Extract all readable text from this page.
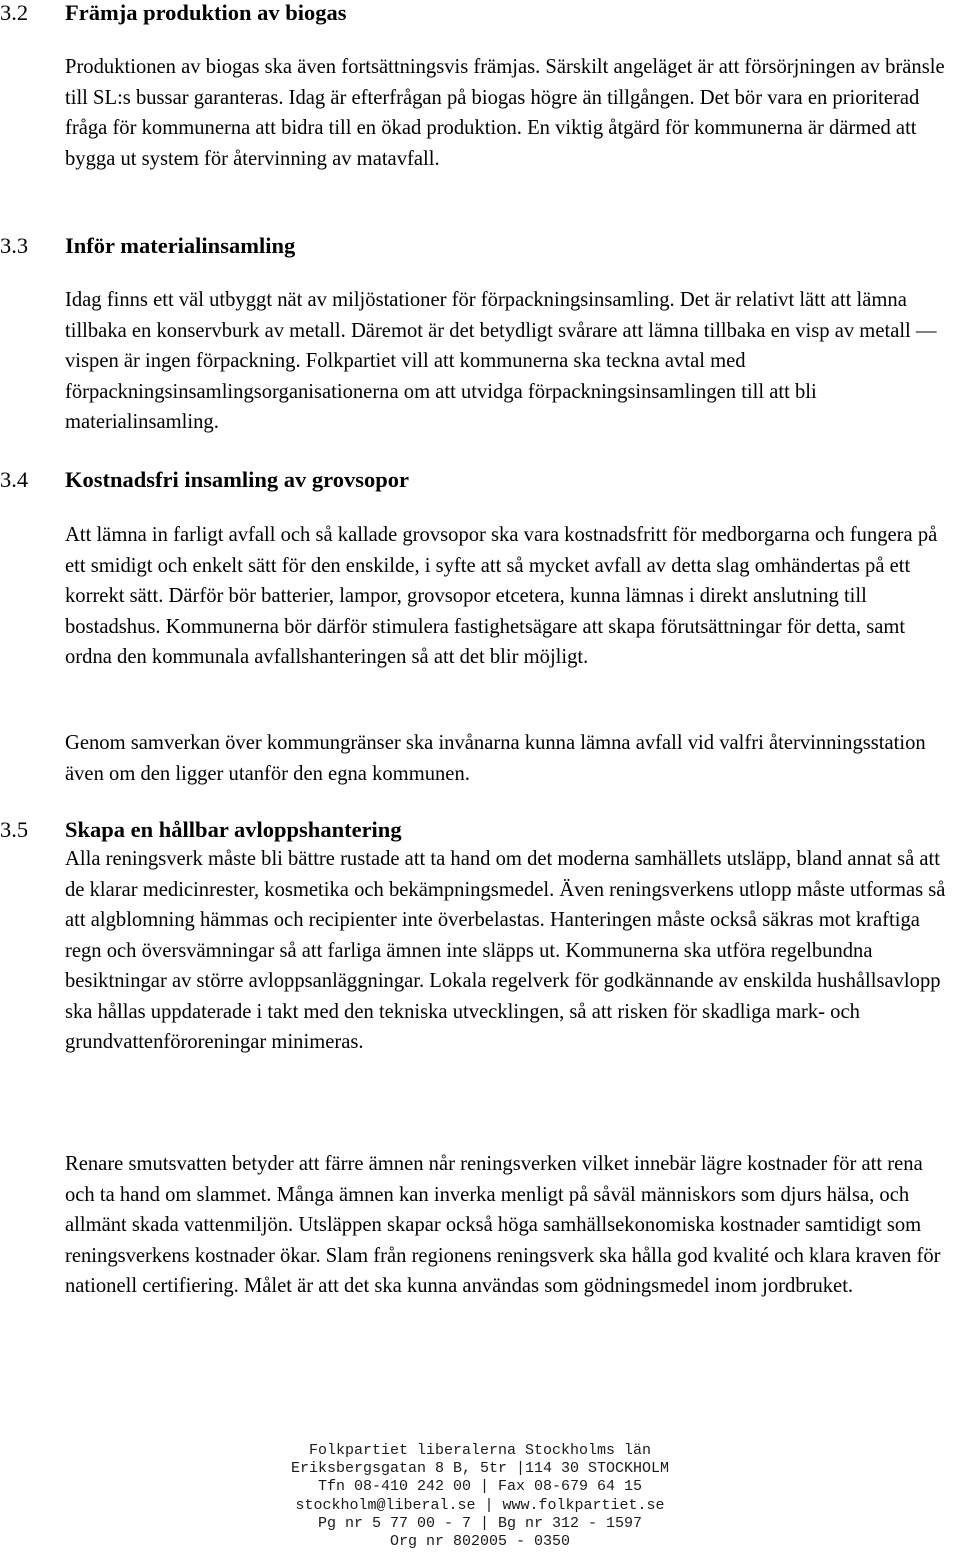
3.2 Främja produktion av biogas

Produktionen av biogas ska även fortsättningsvis främjas. Särskilt angeläget är att försörjningen av bränsle till SL:s bussar garanteras. Idag är efterfrågan på biogas högre än tillgången. Det bör vara en prioriterad fråga för kommunerna att bidra till en ökad produktion. En viktig åtgärd för kommunerna är därmed att bygga ut system för återvinning av matavfall.

3.3 Inför materialinsamling

Idag finns ett väl utbyggt nät av miljöstationer för förpackningsinsamling. Det är relativt lätt att lämna tillbaka en konservburk av metall. Däremot är det betydligt svårare att lämna tillbaka en visp av metall — vispen är ingen förpackning. Folkpartiet vill att kommunerna ska teckna avtal med förpackningsinsamlingsorganisationerna om att utvidga förpackningsinsamlingen till att bli materialinsamling.

3.4 Kostnadsfri insamling av grovsopor

Att lämna in farligt avfall och så kallade grovsopor ska vara kostnadsfritt för medborgarna och fungera på ett smidigt och enkelt sätt för den enskilde, i syfte att så mycket avfall av detta slag omhändertas på ett korrekt sätt. Därför bör batterier, lampor, grovsopor etcetera, kunna lämnas i direkt anslutning till bostadshus. Kommunerna bör därför stimulera fastighetsägare att skapa förutsättningar för detta, samt ordna den kommunala avfallshanteringen så att det blir möjligt.

Genom samverkan över kommungränser ska invånarna kunna lämna avfall vid valfri återvinningsstation även om den ligger utanför den egna kommunen.

3.5 Skapa en hållbar avloppshantering

Alla reningsverk måste bli bättre rustade att ta hand om det moderna samhällets utsläpp, bland annat så att de klarar medicinrester, kosmetika och bekämpningsmedel. Även reningsverkens utlopp måste utformas så att algblomning hämmas och recipienter inte överbelastas. Hanteringen måste också säkras mot kraftiga regn och översvämningar så att farliga ämnen inte släpps ut. Kommunerna ska utföra regelbundna besiktningar av större avloppsanläggningar. Lokala regelverk för godkännande av enskilda hushållsavlopp ska hållas uppdaterade i takt med den tekniska utvecklingen, så att risken för skadliga mark- och grundvattenföroreningar minimeras.

Renare smutsvatten betyder att färre ämnen når reningsverken vilket innebär lägre kostnader för att rena och ta hand om slammet. Många ämnen kan inverka menligt på såväl människors som djurs hälsa, och allmänt skada vattenmiljön. Utsläppen skapar också höga samhällsekonomiska kostnader samtidigt som reningsverkens kostnader ökar. Slam från regionens reningsverk ska hålla god kvalité och klara kraven för nationell certifiering. Målet är att det ska kunna användas som gödningsmedel inom jordbruket.

Folkpartiet liberalerna Stockholms län
Eriksbergsgatan 8 B, 5tr |114 30 STOCKHOLM
Tfn 08-410 242 00 | Fax 08-679 64 15
stockholm@liberal.se | www.folkpartiet.se
Pg nr 5 77 00 - 7 | Bg nr 312 - 1597
Org nr 802005 - 0350
